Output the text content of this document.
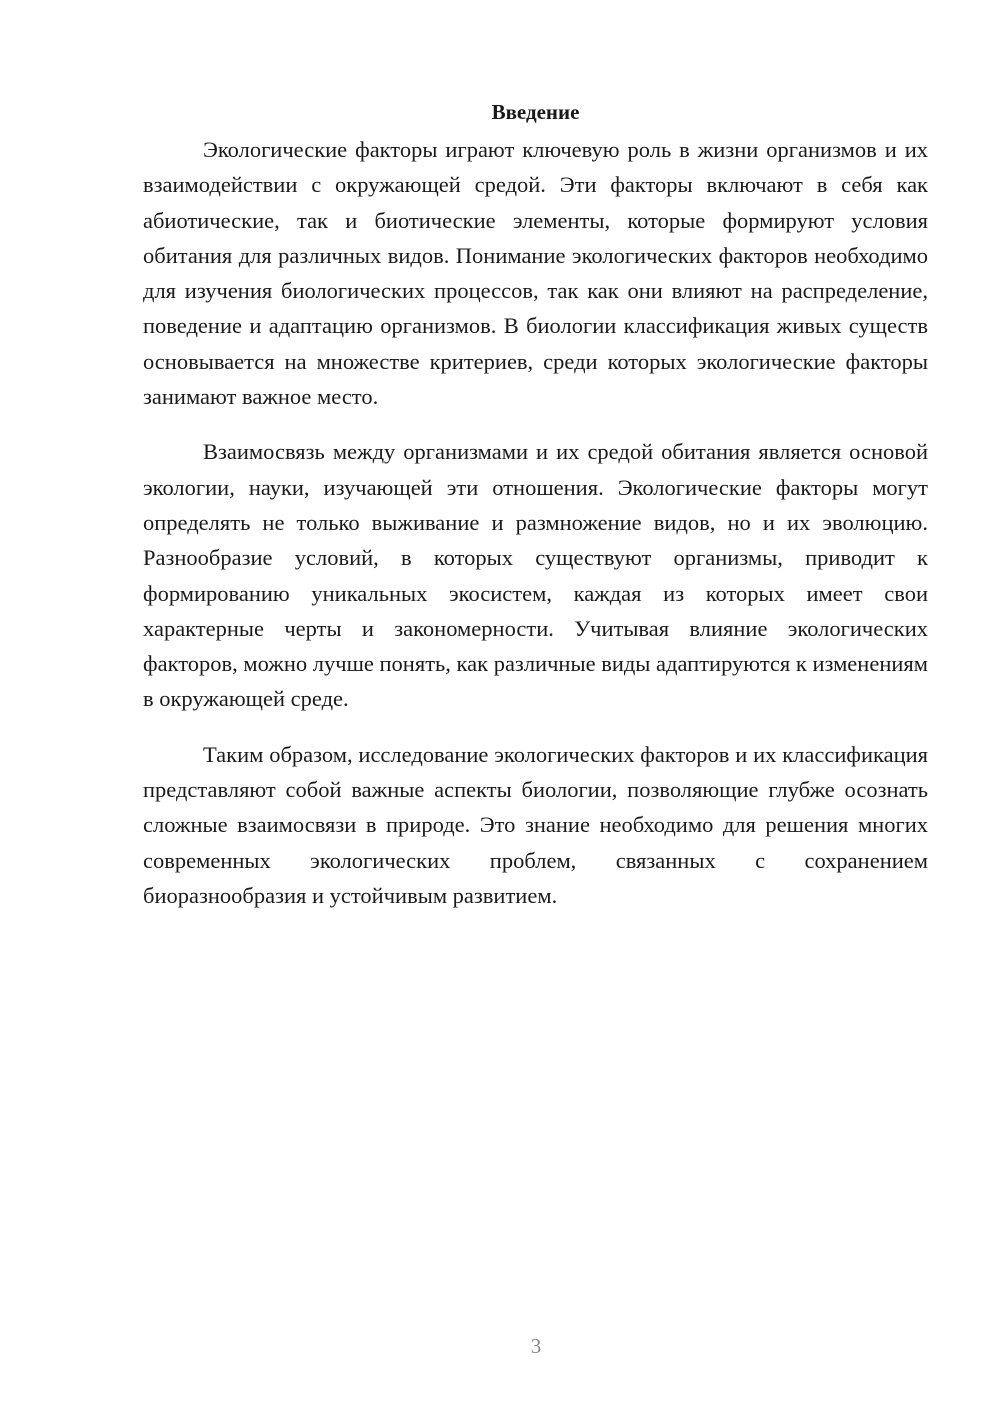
Введение

Экологические факторы играют ключевую роль в жизни организмов и их взаимодействии с окружающей средой. Эти факторы включают в себя как абиотические, так и биотические элементы, которые формируют условия обитания для различных видов. Понимание экологических факторов необходимо для изучения биологических процессов, так как они влияют на распределение, поведение и адаптацию организмов. В биологии классификация живых существ основывается на множестве критериев, среди которых экологические факторы занимают важное место.

Взаимосвязь между организмами и их средой обитания является основой экологии, науки, изучающей эти отношения. Экологические факторы могут определять не только выживание и размножение видов, но и их эволюцию. Разнообразие условий, в которых существуют организмы, приводит к формированию уникальных экосистем, каждая из которых имеет свои характерные черты и закономерности. Учитывая влияние экологических факторов, можно лучше понять, как различные виды адаптируются к изменениям в окружающей среде.

Таким образом, исследование экологических факторов и их классификация представляют собой важные аспекты биологии, позволяющие глубже осознать сложные взаимосвязи в природе. Это знание необходимо для решения многих современных экологических проблем, связанных с сохранением биоразнообразия и устойчивым развитием.

3
